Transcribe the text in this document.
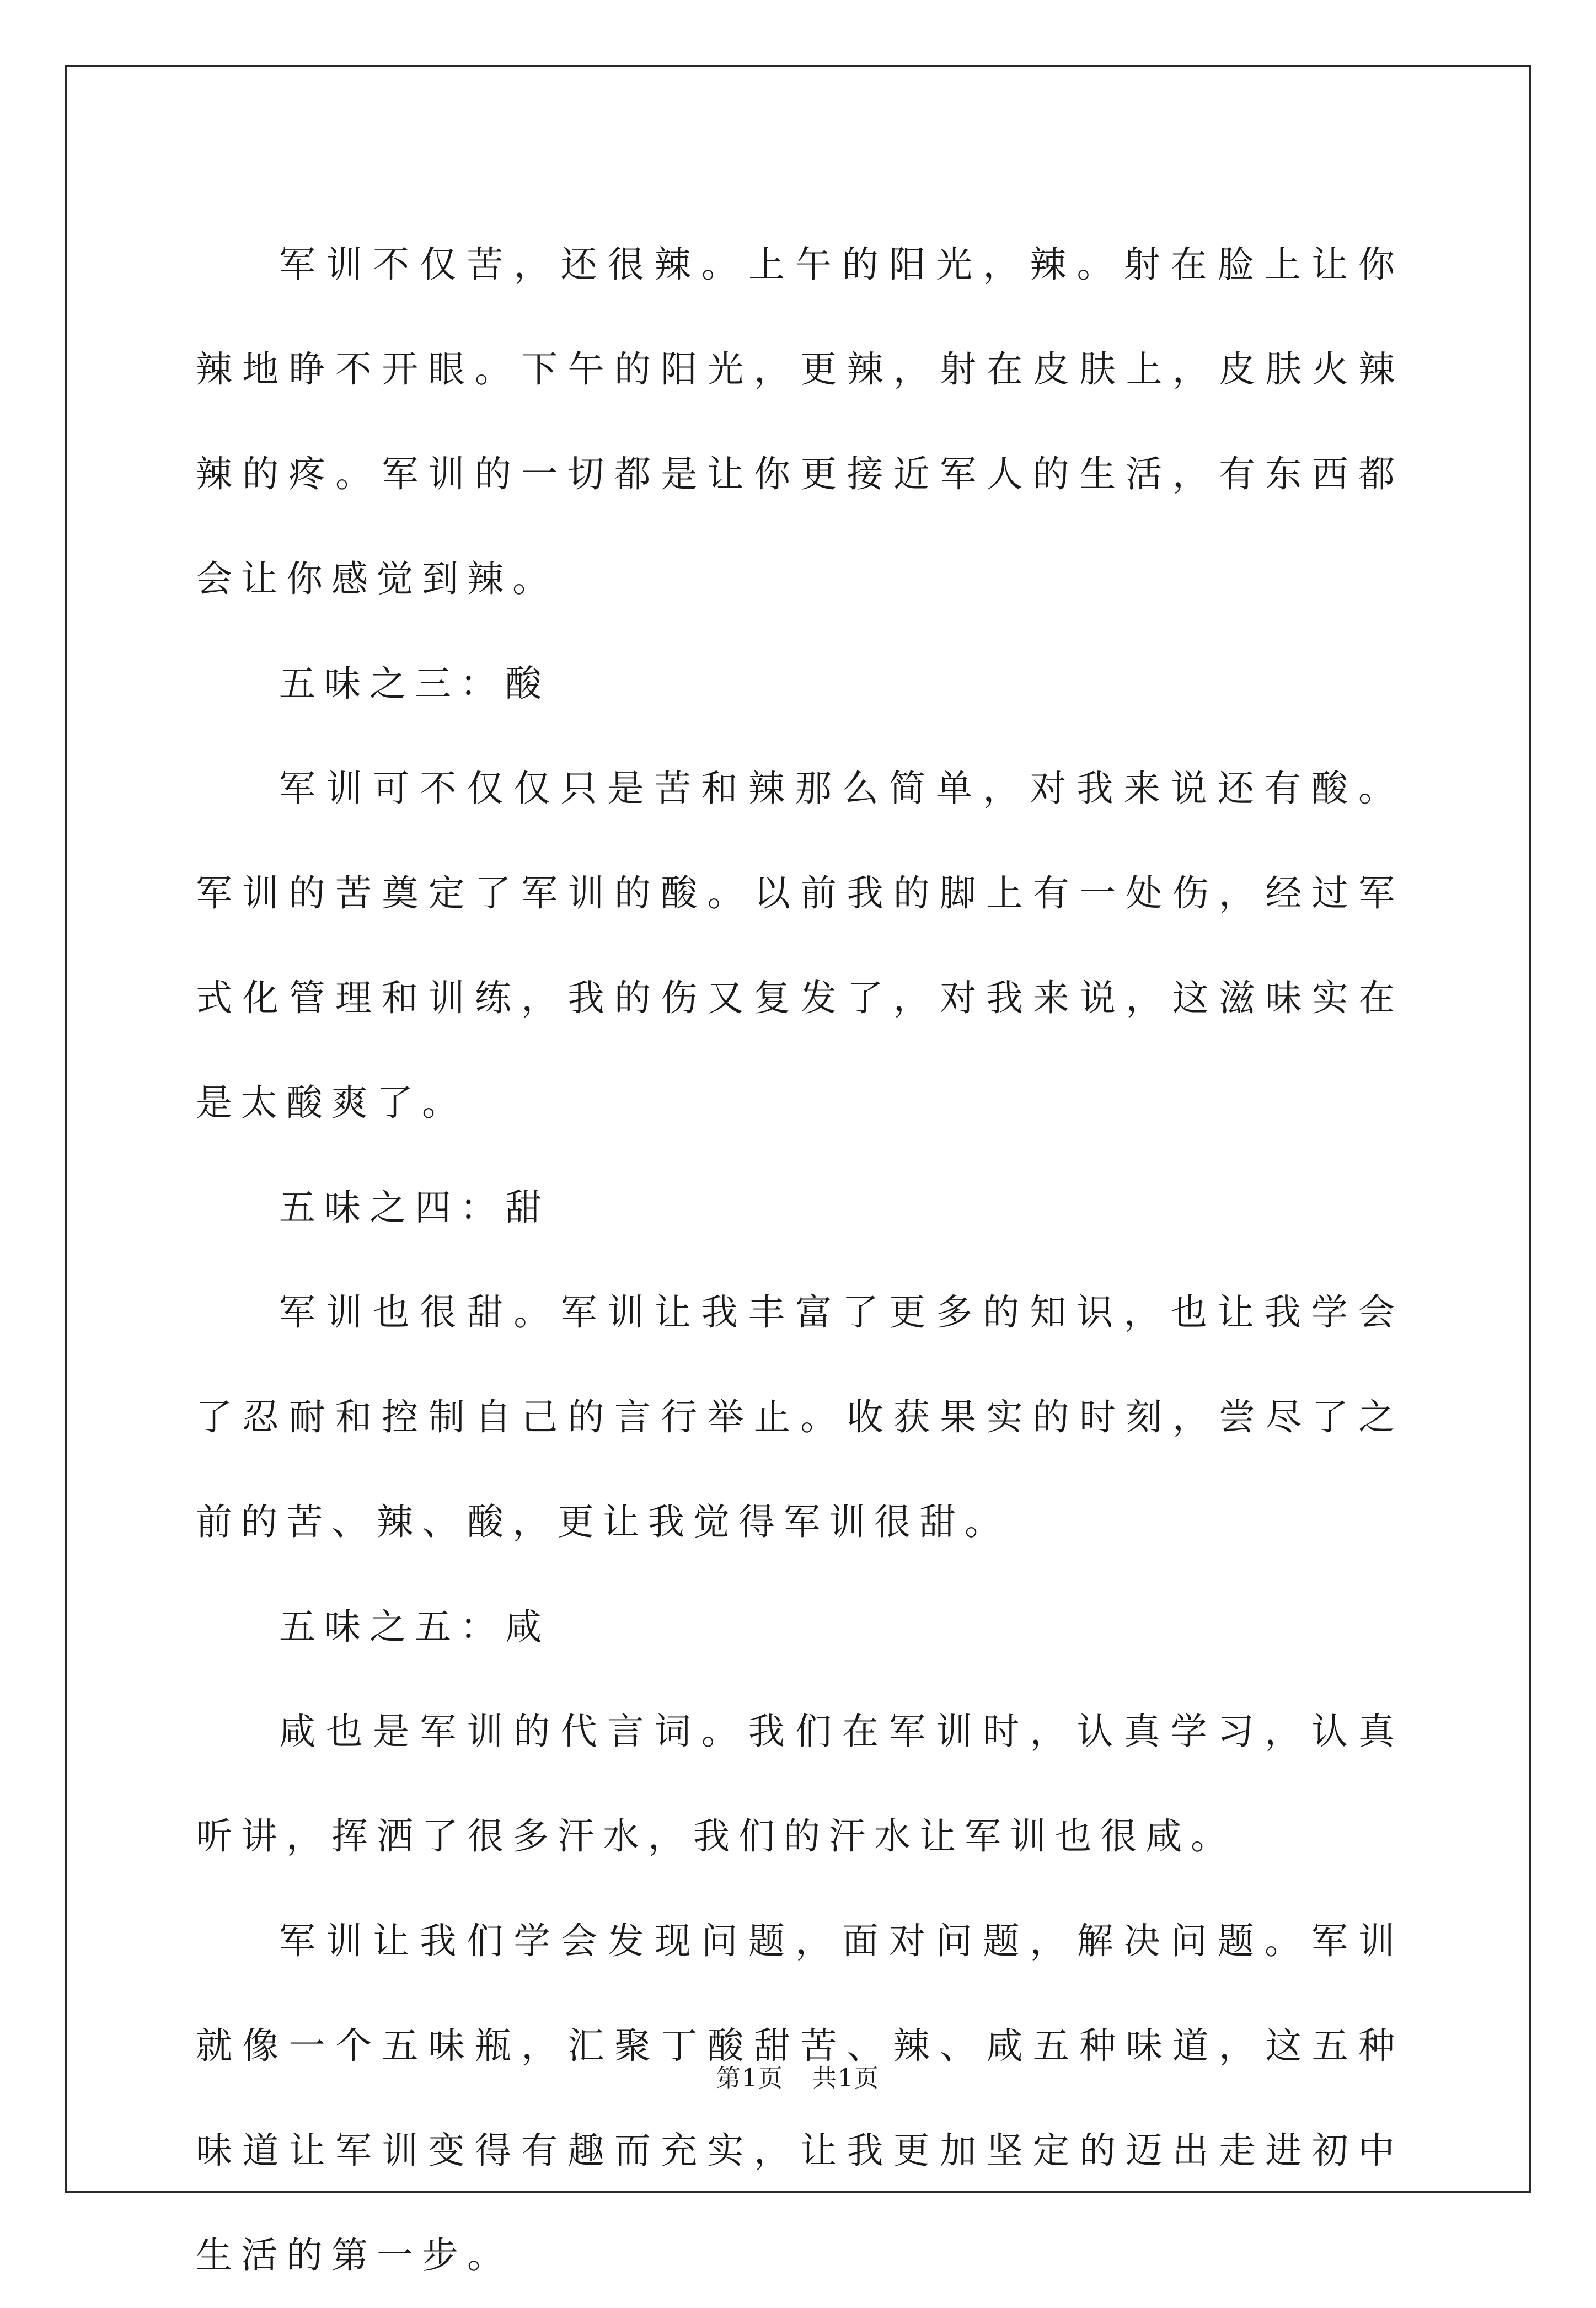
军训不仅苦，还很辣。上午的阳光，辣。射在脸上让你辣地睁不开眼。下午的阳光，更辣，射在皮肤上，皮肤火辣辣的疼。军训的一切都是让你更接近军人的生活，有东西都会让你感觉到辣。

五味之三：酸

军训可不仅仅只是苦和辣那么简单，对我来说还有酸。军训的苦奠定了军训的酸。以前我的脚上有一处伤，经过军式化管理和训练，我的伤又复发了，对我来说，这滋味实在是太酸爽了。

五味之四：甜

军训也很甜。军训让我丰富了更多的知识，也让我学会了忍耐和控制自己的言行举止。收获果实的时刻，尝尽了之前的苦、辣、酸，更让我觉得军训很甜。

五味之五：咸

咸也是军训的代言词。我们在军训时，认真学习，认真听讲，挥洒了很多汗水，我们的汗水让军训也很咸。

军训让我们学会发现问题，面对问题，解决问题。军训就像一个五味瓶，汇聚丁酸甜苦、辣、咸五种味道，这五种味道让军训变得有趣而充实，让我更加坚定的迈出走进初中生活的第一步。

第1页 共1页
